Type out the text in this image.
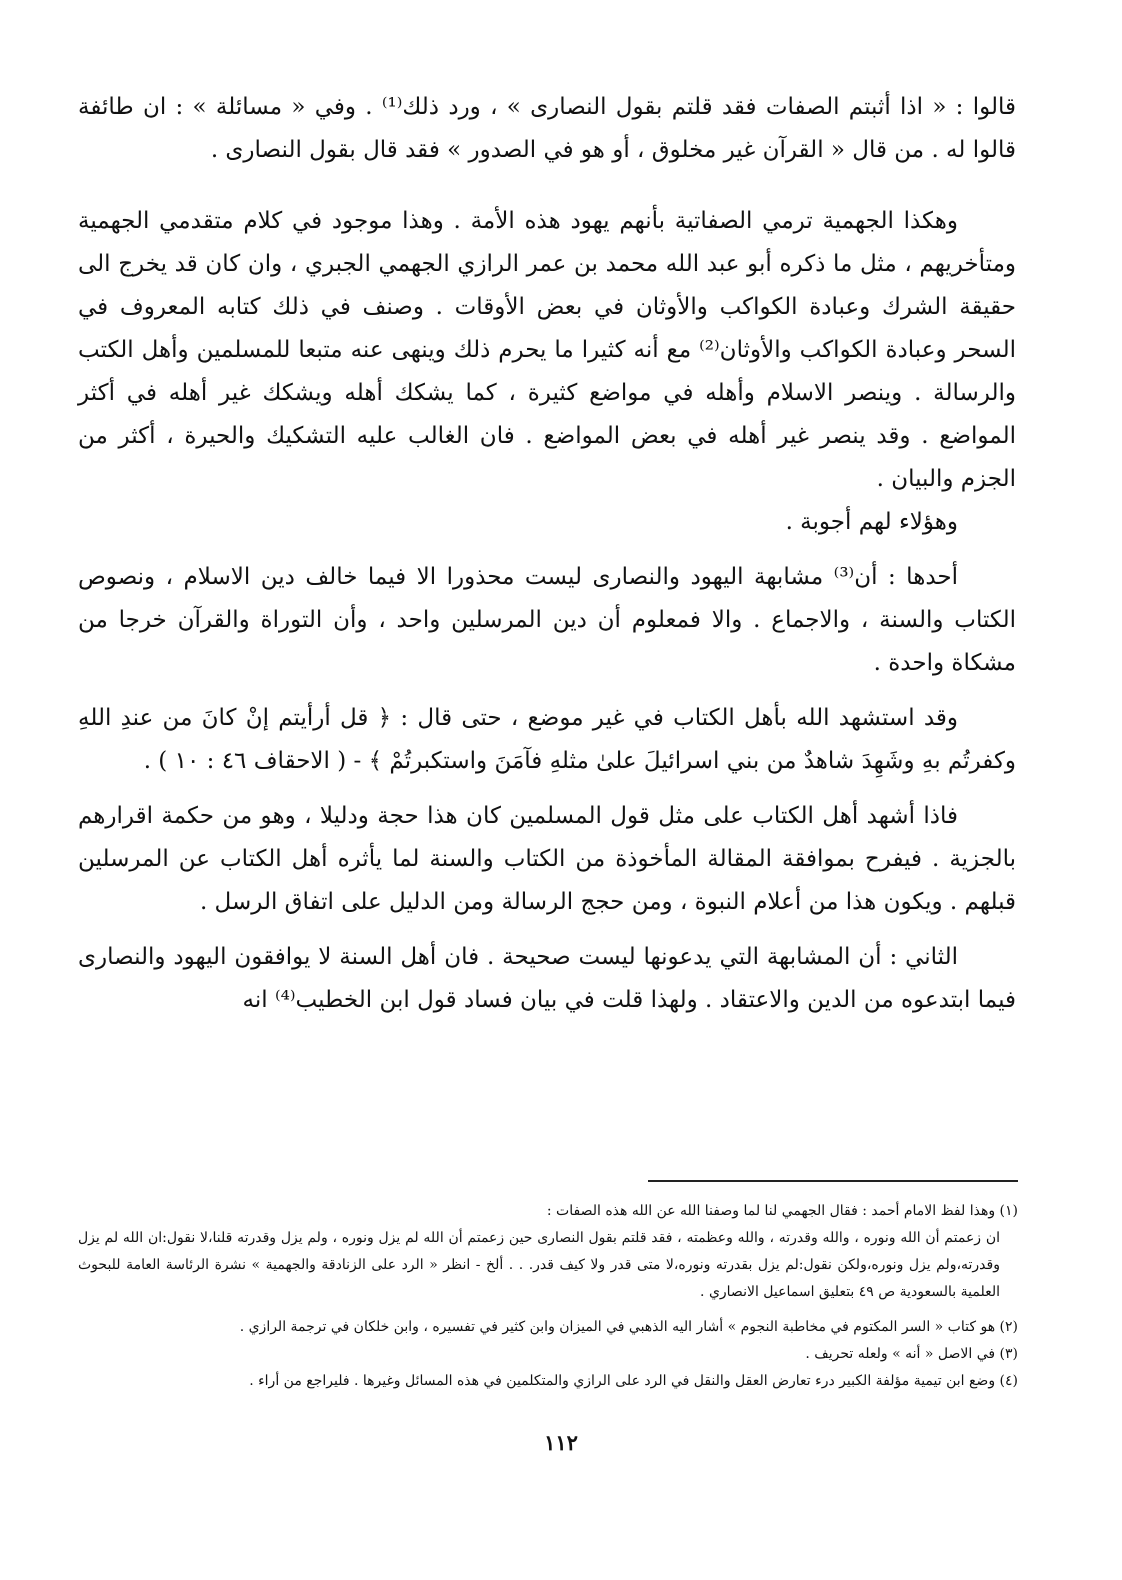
قالوا : « اذا أثبتم الصفات فقد قلتم بقول النصارى » ، ورد ذلك⁽¹⁾ . وفي « مسائلة » : ان طائفة قالوا له . من قال « القرآن غير مخلوق ، أو هو في الصدور » فقد قال بقول النصارى .

وهكذا الجهمية ترمي الصفاتية بأنهم يهود هذه الأمة . وهذا موجود في كلام متقدمي الجهمية ومتأخريهم ، مثل ما ذكره أبو عبد الله محمد بن عمر الرازي الجهمي الجبري ، وان كان قد يخرج الى حقيقة الشرك وعبادة الكواكب والأوثان في بعض الأوقات . وصنف في ذلك كتابه المعروف في السحر وعبادة الكواكب والأوثان⁽²⁾ مع أنه كثيرا ما يحرم ذلك وينهى عنه متبعا للمسلمين وأهل الكتب والرسالة . وينصر الاسلام وأهله في مواضع كثيرة ، كما يشكك أهله ويشكك غير أهله في أكثر المواضع . وقد ينصر غير أهله في بعض المواضع . فان الغالب عليه التشكيك والحيرة ، أكثر من الجزم والبيان .

وهؤلاء لهم أجوبة .

أحدها : أن⁽³⁾ مشابهة اليهود والنصارى ليست محذورا الا فيما خالف دين الاسلام ، ونصوص الكتاب والسنة ، والاجماع . والا فمعلوم أن دين المرسلين واحد ، وأن التوراة والقرآن خرجا من مشكاة واحدة .

وقد استشهد الله بأهل الكتاب في غير موضع ، حتى قال : ﴿ قل أرأيتم إنْ كانَ من عندِ اللهِ وكفرتُم بهِ وشَهِدَ شاهدٌ من بني اسرائيلَ علىٰ مثلهِ فآمَنَ واستكبرتُمْ ﴾ - ( الاحقاف ٤٦ : ١٠ ) .

فاذا أشهد أهل الكتاب على مثل قول المسلمين كان هذا حجة ودليلا ، وهو من حكمة اقرارهم بالجزية . فيفرح بموافقة المقالة المأخوذة من الكتاب والسنة لما يأثره أهل الكتاب عن المرسلين قبلهم . ويكون هذا من أعلام النبوة ، ومن حجج الرسالة ومن الدليل على اتفاق الرسل .

الثاني : أن المشابهة التي يدعونها ليست صحيحة . فان أهل السنة لا يوافقون اليهود والنصارى فيما ابتدعوه من الدين والاعتقاد . ولهذا قلت في بيان فساد قول ابن الخطيب⁽⁴⁾ انه

(١) وهذا لفظ الامام أحمد : فقال الجهمي لنا لما وصفنا الله عن الله هذه الصفات :

ان زعمتم أن الله ونوره ، والله وقدرته ، والله وعظمته ، فقد قلتم بقول النصارى حين زعمتم أن الله لم يزل ونوره ، ولم يزل وقدرته قلنا،لا نقول:ان الله لم يزل وقدرته،ولم يزل ونوره،ولكن نقول:لم يزل بقدرته ونوره،لا متى قدر ولا كيف قدر. . . ألخ - انظر « الرد على الزنادقة والجهمية » نشرة الرئاسة العامة للبحوث العلمية بالسعودية ص ٤٩ بتعليق اسماعيل الانصاري .

(٢) هو كتاب « السر المكتوم في مخاطبة النجوم » أشار اليه الذهبي في الميزان وابن كثير في تفسيره ، وابن خلكان في ترجمة الرازي .

(٣) في الاصل « أنه » ولعله تحريف .

(٤) وضع ابن تيمية مؤلفة الكبير درء تعارض العقل والنقل في الرد على الرازي والمتكلمين في هذه المسائل وغيرها . فليراجع من أراء .

١١٢
